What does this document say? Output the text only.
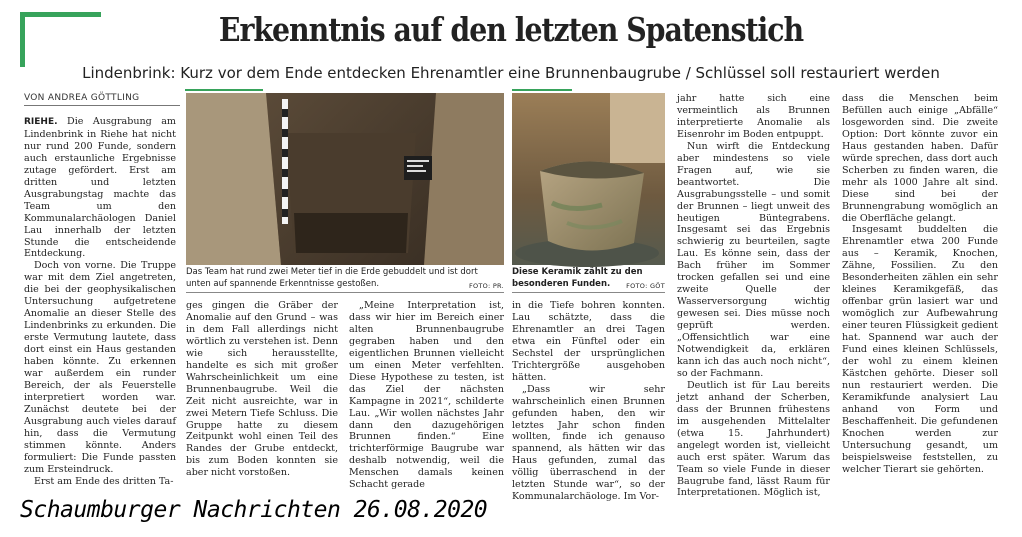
Erkenntnis auf den letzten Spatenstich
Lindenbrink: Kurz vor dem Ende entdecken Ehrenamtler eine Brunnenbaugrube / Schlüssel soll restauriert werden
VON ANDREA GÖTTLING

RIEHE. Die Ausgrabung am Lindenbrink in Riehe hat nicht nur rund 200 Funde, sondern auch erstaunliche Ergebnisse zutage gefördert. Erst am dritten und letzten Ausgrabungstag machte das Team um den Kommunalarchäologen Daniel Lau innerhalb der letzten Stunde die entscheidende Entdeckung.

Doch von vorne. Die Truppe war mit dem Ziel angetreten, die bei der geophysikalischen Untersuchung aufgetretene Anomalie an dieser Stelle des Lindenbrinks zu erkunden. Die erste Vermutung lautete, dass dort einst ein Haus gestanden haben könnte. Zu erkennen war außerdem ein runder Bereich, der als Feuerstelle interpretiert worden war. Zunächst deutete bei der Ausgrabung auch vieles darauf hin, dass die Vermutung stimmen könnte. Anders formuliert: Die Funde passten zum Ersteindruck.

Erst am Ende des dritten Ta-

Das Team hat rund zwei Meter tief in die Erde gebuddelt und ist dort unten auf spannende Erkenntnisse gestoßen.	FOTO: PR.
Diese Keramik zählt zu den besonderen Funden. FOTO: GÖT

ges gingen die Gräber der Anomalie auf den Grund – was in dem Fall allerdings nicht wörtlich zu verstehen ist. Denn wie sich herausstellte, handelte es sich mit großer Wahrscheinlichkeit um eine Brunnenbaugrube. Weil die Zeit nicht ausreichte, war in zwei Metern Tiefe Schluss. Die Gruppe hatte zu diesem Zeitpunkt wohl einen Teil des Randes der Grube entdeckt, bis zum Boden konnten sie aber nicht vorstoßen.

„Meine Interpretation ist, dass wir hier im Bereich einer alten Brunnenbaugrube gegraben haben und den eigentlichen Brunnen vielleicht um einen Meter verfehlten. Diese Hypothese zu testen, ist das Ziel der nächsten Kampagne in 2021“, schilderte Lau. „Wir wollen nächstes Jahr dann den dazugehörigen Brunnen finden.“ Eine trichterförmige Baugrube war deshalb notwendig, weil die Menschen damals keinen Schacht gerade

in die Tiefe bohren konnten. Lau schätzte, dass die Ehrenamtler an drei Tagen etwa ein Fünftel oder ein Sechstel der ursprünglichen Trichtergröße ausgehoben hätten.

„Dass wir sehr wahrscheinlich einen Brunnen gefunden haben, den wir letztes Jahr schon finden wollten, finde ich genauso spannend, als hätten wir das Haus gefunden, zumal das völlig überraschend in der letzten Stunde war“, so der Kommunalarchäologe. Im Vor-

jahr hatte sich eine vermeintlich als Brunnen interpretierte Anomalie als Eisenrohr im Boden entpuppt.

Nun wirft die Entdeckung aber mindestens so viele Fragen auf, wie sie beantwortet. Die Ausgrabungsstelle – und somit der Brunnen – liegt unweit des heutigen Büntegrabens. Insgesamt sei das Ergebnis schwierig zu beurteilen, sagte Lau. Es könne sein, dass der Bach früher im Sommer trocken gefallen sei und eine zweite Quelle der Wasserversorgung wichtig gewesen sei. Dies müsse noch geprüft werden. „Offensichtlich war eine Notwendigkeit da, erklären kann ich das auch noch nicht“, so der Fachmann.

Deutlich ist für Lau bereits jetzt anhand der Scherben, dass der Brunnen frühestens im ausgehenden Mittelalter (etwa 15. Jahrhundert) angelegt worden ist, vielleicht auch erst später. Warum das Team so viele Funde in dieser Baugrube fand, lässt Raum für Interpretationen. Möglich ist,

dass die Menschen beim Befüllen auch einige „Abfälle“ losgeworden sind. Die zweite Option: Dort könnte zuvor ein Haus gestanden haben. Dafür würde sprechen, dass dort auch Scherben zu finden waren, die mehr als 1000 Jahre alt sind. Diese sind bei der Brunnengrabung womöglich an die Oberfläche gelangt.

Insgesamt buddelten die Ehrenamtler etwa 200 Funde aus – Keramik, Knochen, Zähne, Fossilien. Zu den Besonderheiten zählen ein sehr kleines Keramikgefäß, das offenbar grün lasiert war und womöglich zur Aufbewahrung einer teuren Flüssigkeit gedient hat. Spannend war auch der Fund eines kleinen Schlüssels, der wohl zu einem kleinen Kästchen gehörte. Dieser soll nun restauriert werden. Die Keramikfunde analysiert Lau anhand von Form und Beschaffenheit. Die gefundenen Knochen werden zur Untersuchung gesandt, um beispielsweise feststellen, zu welcher Tierart sie gehörten.

Schaumburger Nachrichten 26.08.2020
